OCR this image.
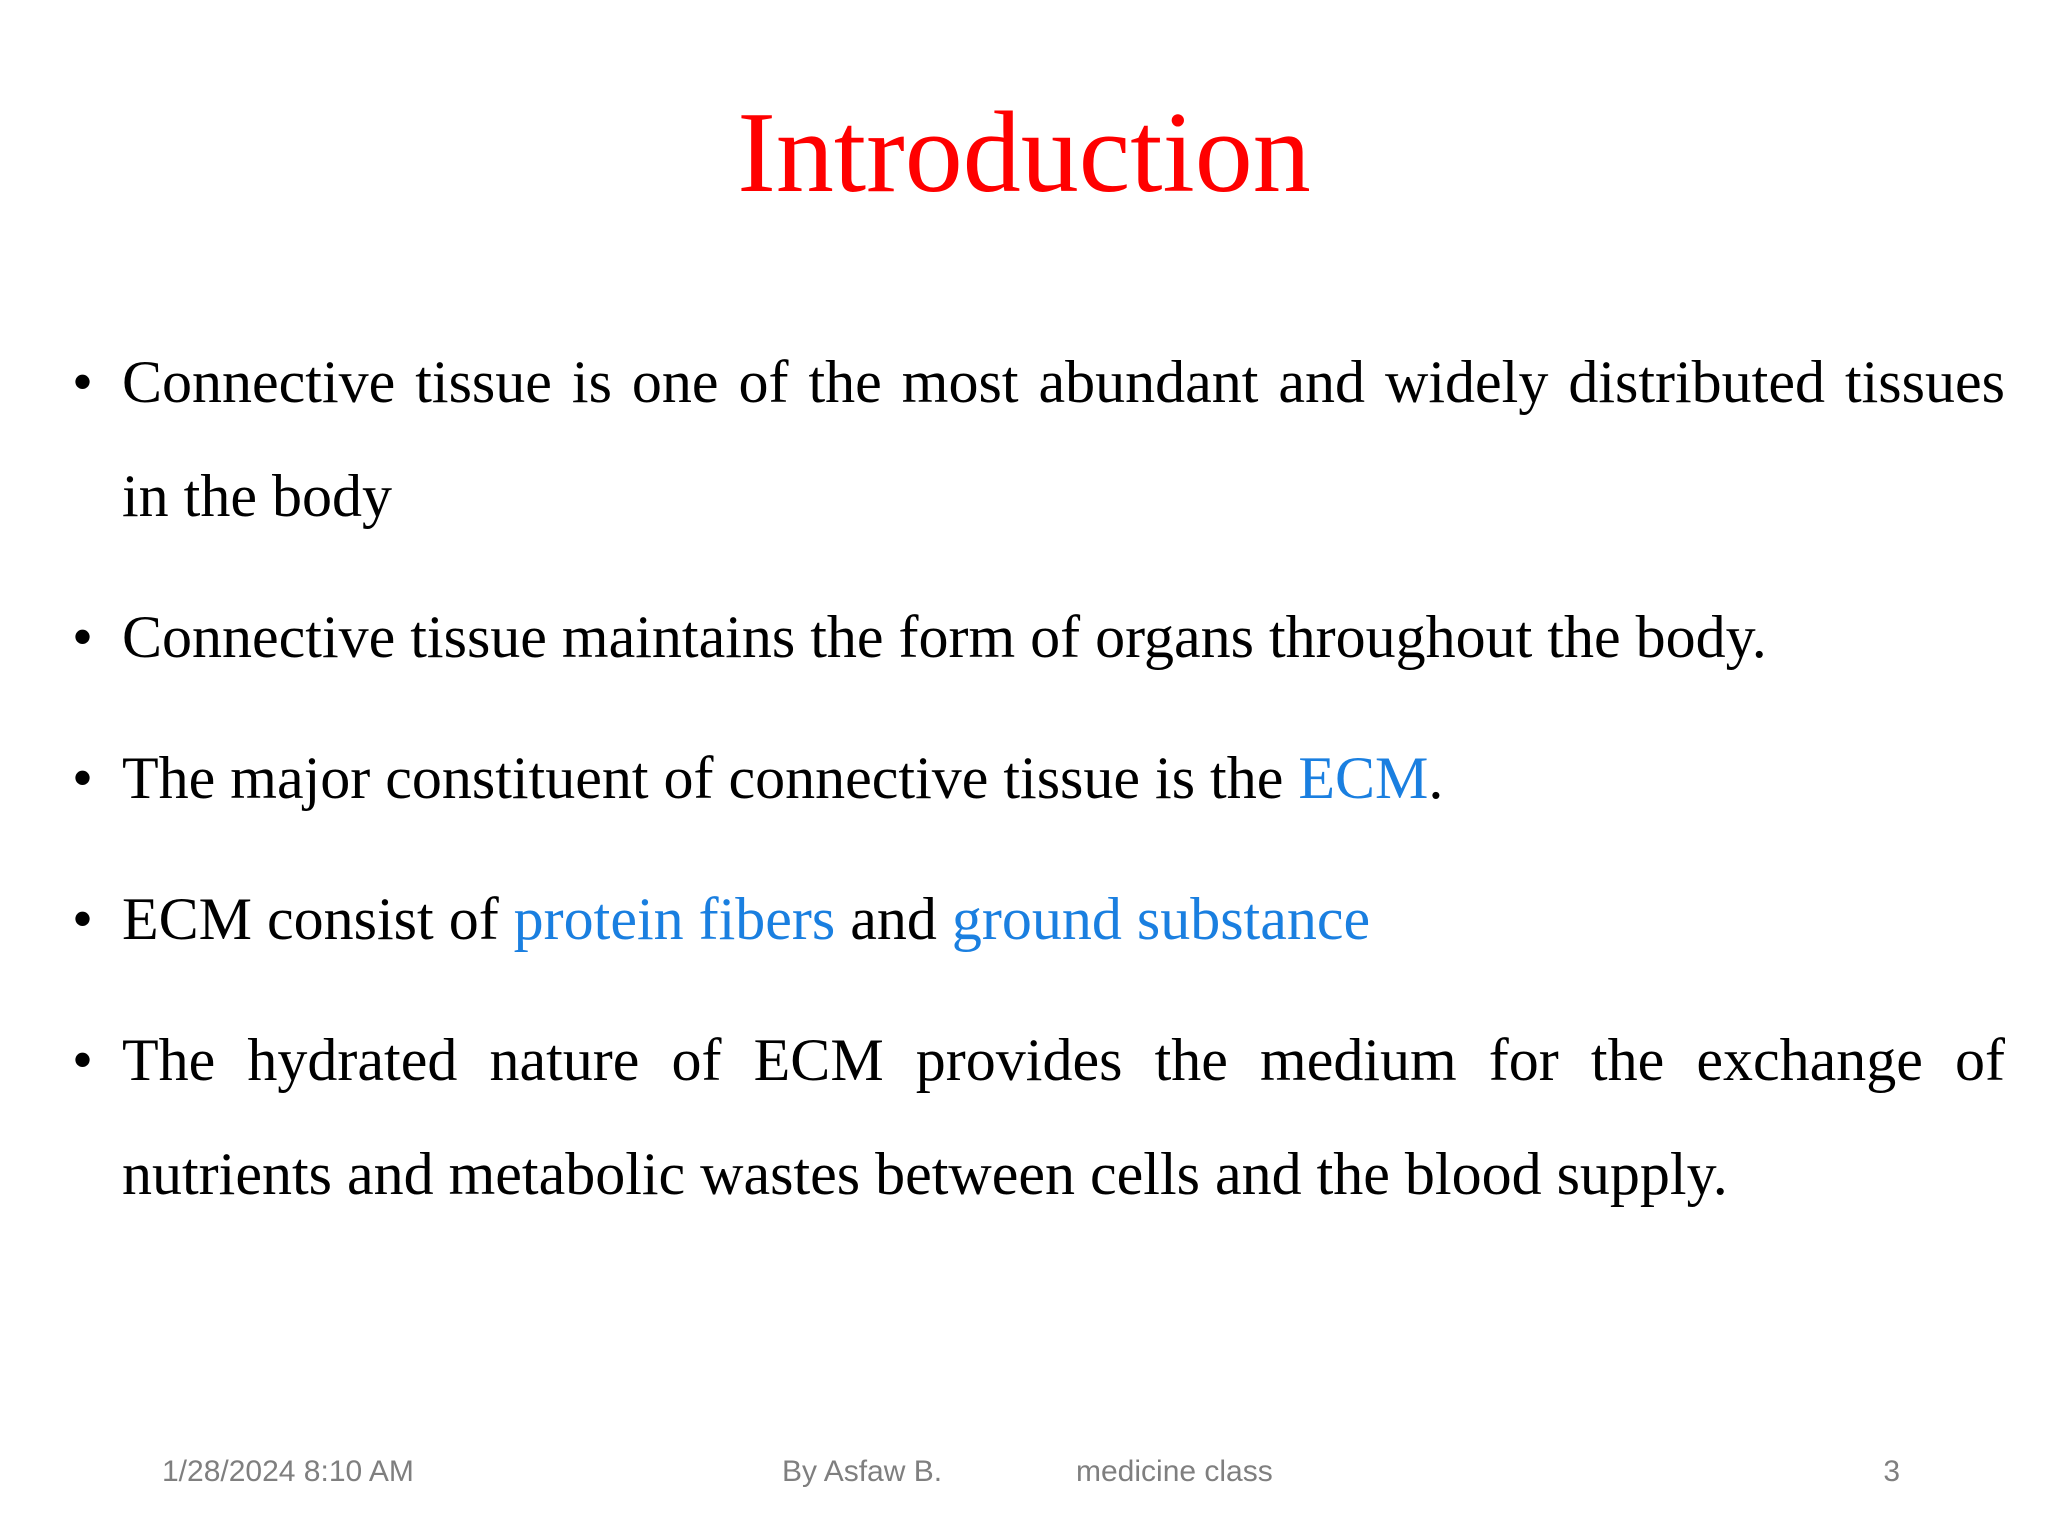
Introduction
• Connective tissue is one of the most abundant and widely distributed tissues in the body
• Connective tissue maintains the form of organs throughout the body.
• The major constituent of connective tissue is the ECM.
• ECM consist of protein fibers and ground substance
• The hydrated nature of ECM provides the medium for the exchange of nutrients and metabolic wastes between cells and the blood supply.
1/28/2024 8:10 AM	By Asfaw B.	medicine class	3
